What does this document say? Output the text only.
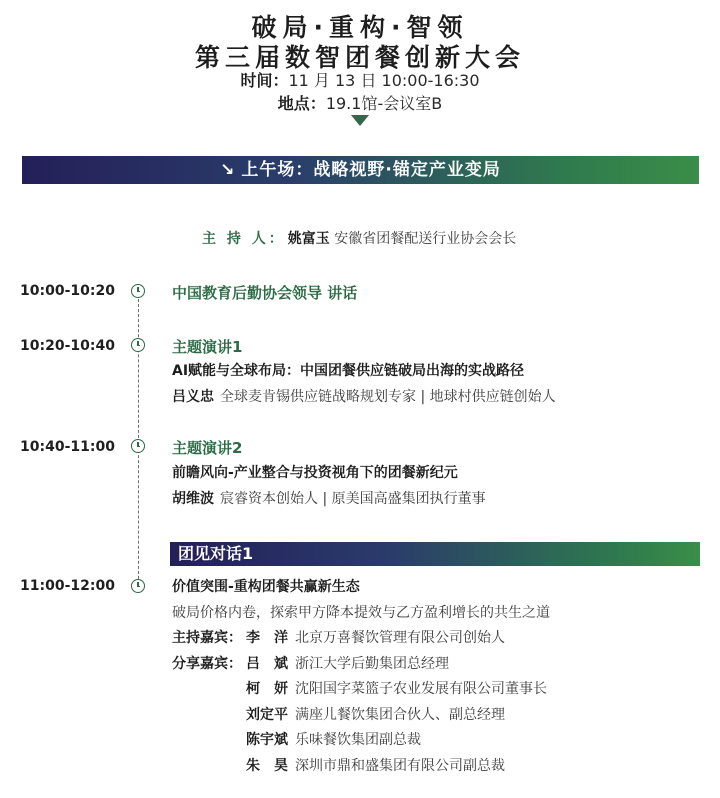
破局·重构·智领
第三届数智团餐创新大会
时间：11 月 13 日 10:00-16:30
地点：19.1馆-会议室B
↘ 上午场：战略视野·锚定产业变局
主 持 人： 姚富玉 安徽省团餐配送行业协会会长
10:00-10:20	中国教育后勤协会领导 讲话
10:20-10:40	主题演讲1
AI赋能与全球布局：中国团餐供应链破局出海的实战路径
吕义忠 全球麦肯锡供应链战略规划专家 | 地球村供应链创始人
10:40-11:00	主题演讲2
前瞻风向-产业整合与投资视角下的团餐新纪元
胡维波 宸睿资本创始人 | 原美国高盛集团执行董事
团见对话1
11:00-12:00	价值突围-重构团餐共赢新生态
破局价格内卷，探索甲方降本提效与乙方盈利增长的共生之道
主持嘉宾： 李　洋 北京万喜餐饮管理有限公司创始人
分享嘉宾： 吕　斌 浙江大学后勤集团总经理
柯　妍 沈阳国字菜篮子农业发展有限公司董事长
刘定平 满座儿餐饮集团合伙人、副总经理
陈宇斌 乐味餐饮集团副总裁
朱　昊 深圳市鼎和盛集团有限公司副总裁
